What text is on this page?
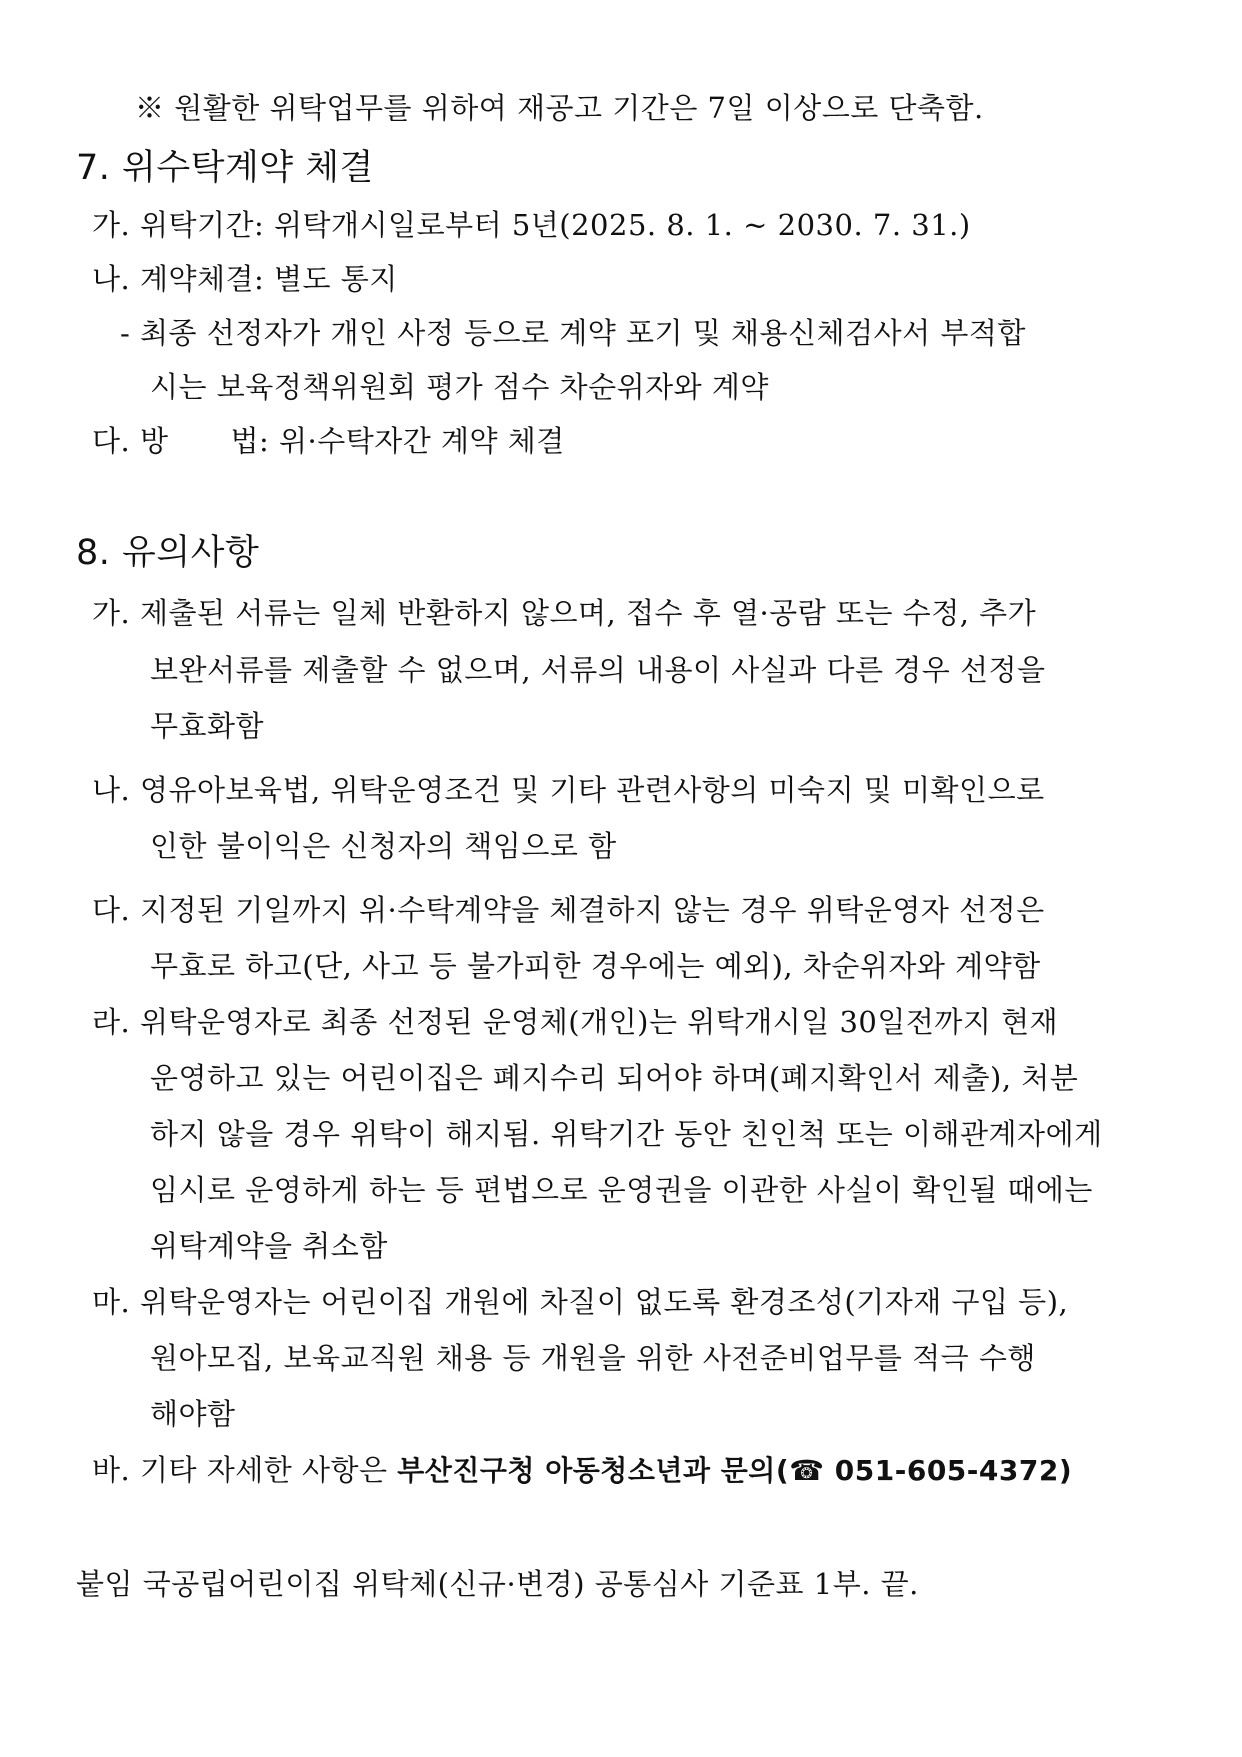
※ 원활한 위탁업무를 위하여 재공고 기간은 7일 이상으로 단축함.
7. 위수탁계약 체결
가. 위탁기간: 위탁개시일로부터 5년(2025. 8. 1. ~ 2030. 7. 31.)
나. 계약체결: 별도 통지
- 최종 선정자가 개인 사정 등으로 계약 포기 및 채용신체검사서 부적합
시는 보육정책위원회 평가 점수 차순위자와 계약
다. 방 법: 위·수탁자간 계약 체결
8. 유의사항
가. 제출된 서류는 일체 반환하지 않으며, 접수 후 열·공람 또는 수정, 추가
보완서류를 제출할 수 없으며, 서류의 내용이 사실과 다른 경우 선정을
무효화함
나. 영유아보육법, 위탁운영조건 및 기타 관련사항의 미숙지 및 미확인으로
인한 불이익은 신청자의 책임으로 함
다. 지정된 기일까지 위·수탁계약을 체결하지 않는 경우 위탁운영자 선정은
무효로 하고(단, 사고 등 불가피한 경우에는 예외), 차순위자와 계약함
라. 위탁운영자로 최종 선정된 운영체(개인)는 위탁개시일 30일전까지 현재
운영하고 있는 어린이집은 폐지수리 되어야 하며(폐지확인서 제출), 처분
하지 않을 경우 위탁이 해지됨. 위탁기간 동안 친인척 또는 이해관계자에게
임시로 운영하게 하는 등 편법으로 운영권을 이관한 사실이 확인될 때에는
위탁계약을 취소함
마. 위탁운영자는 어린이집 개원에 차질이 없도록 환경조성(기자재 구입 등),
원아모집, 보육교직원 채용 등 개원을 위한 사전준비업무를 적극 수행
해야함
바. 기타 자세한 사항은 부산진구청 아동청소년과 문의(☎ 051-605-4372)
붙임 국공립어린이집 위탁체(신규·변경) 공통심사 기준표 1부. 끝.
